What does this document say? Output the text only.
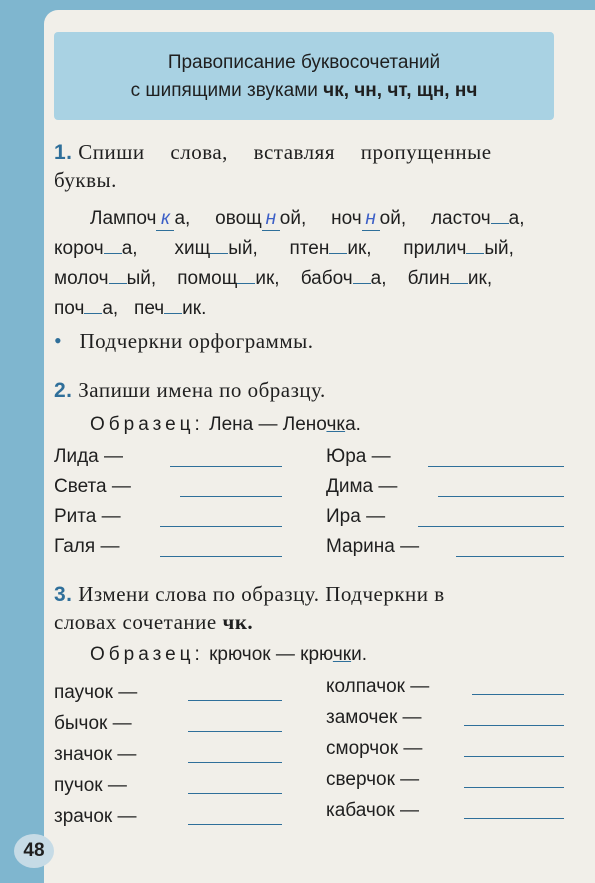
Правописание буквосочетаний
с шипящими звуками чк, чн, чт, щн, нч
1. Спиши слова, вставляя пропущенные
буквы.
Лампоч к а, овощ н ой, ноч н ой, ласточ а,
короч а, хищ ый, птен ик, прилич ый,
молоч ый, помощ ик, бабоч а, блин ик,
поч а, печ ик.
• Подчеркни орфограммы.
2. Запиши имена по образцу.
Образец: Лена — Леночка.
Лида —
Света —
Рита —
Галя —
Юра —
Дима —
Ира —
Марина —
3. Измени слова по образцу. Подчеркни в
словах сочетание чк.
Образец: крючок — крючки.
паучок —
бычок —
значок —
пучок —
зрачок —
колпачок —
замочек —
сморчок —
сверчок —
кабачок —
48
